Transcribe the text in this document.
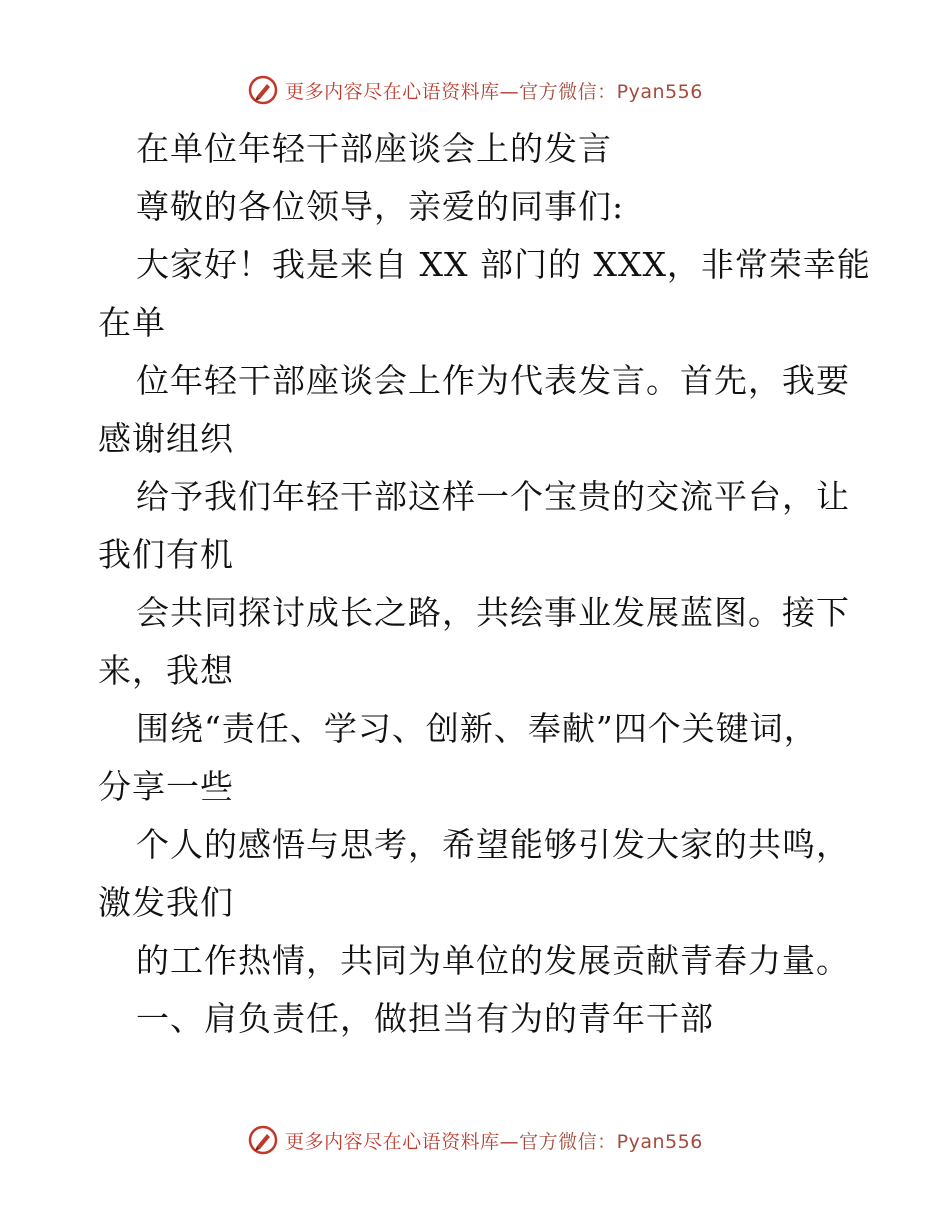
更多内容尽在心语资料库—官方微信：Pyan556
在单位年轻干部座谈会上的发言
尊敬的各位领导，亲爱的同事们:
大家好！我是来自 XX 部门的 XXX，非常荣幸能
在单
位年轻干部座谈会上作为代表发言。首先，我要
感谢组织
给予我们年轻干部这样一个宝贵的交流平台，让
我们有机
会共同探讨成长之路，共绘事业发展蓝图。接下
来，我想
围绕“责任、学习、创新、奉献”四个关键词，
分享一些
个人的感悟与思考，希望能够引发大家的共鸣，
激发我们
的工作热情，共同为单位的发展贡献青春力量。
一、肩负责任，做担当有为的青年干部
更多内容尽在心语资料库—官方微信：Pyan556
